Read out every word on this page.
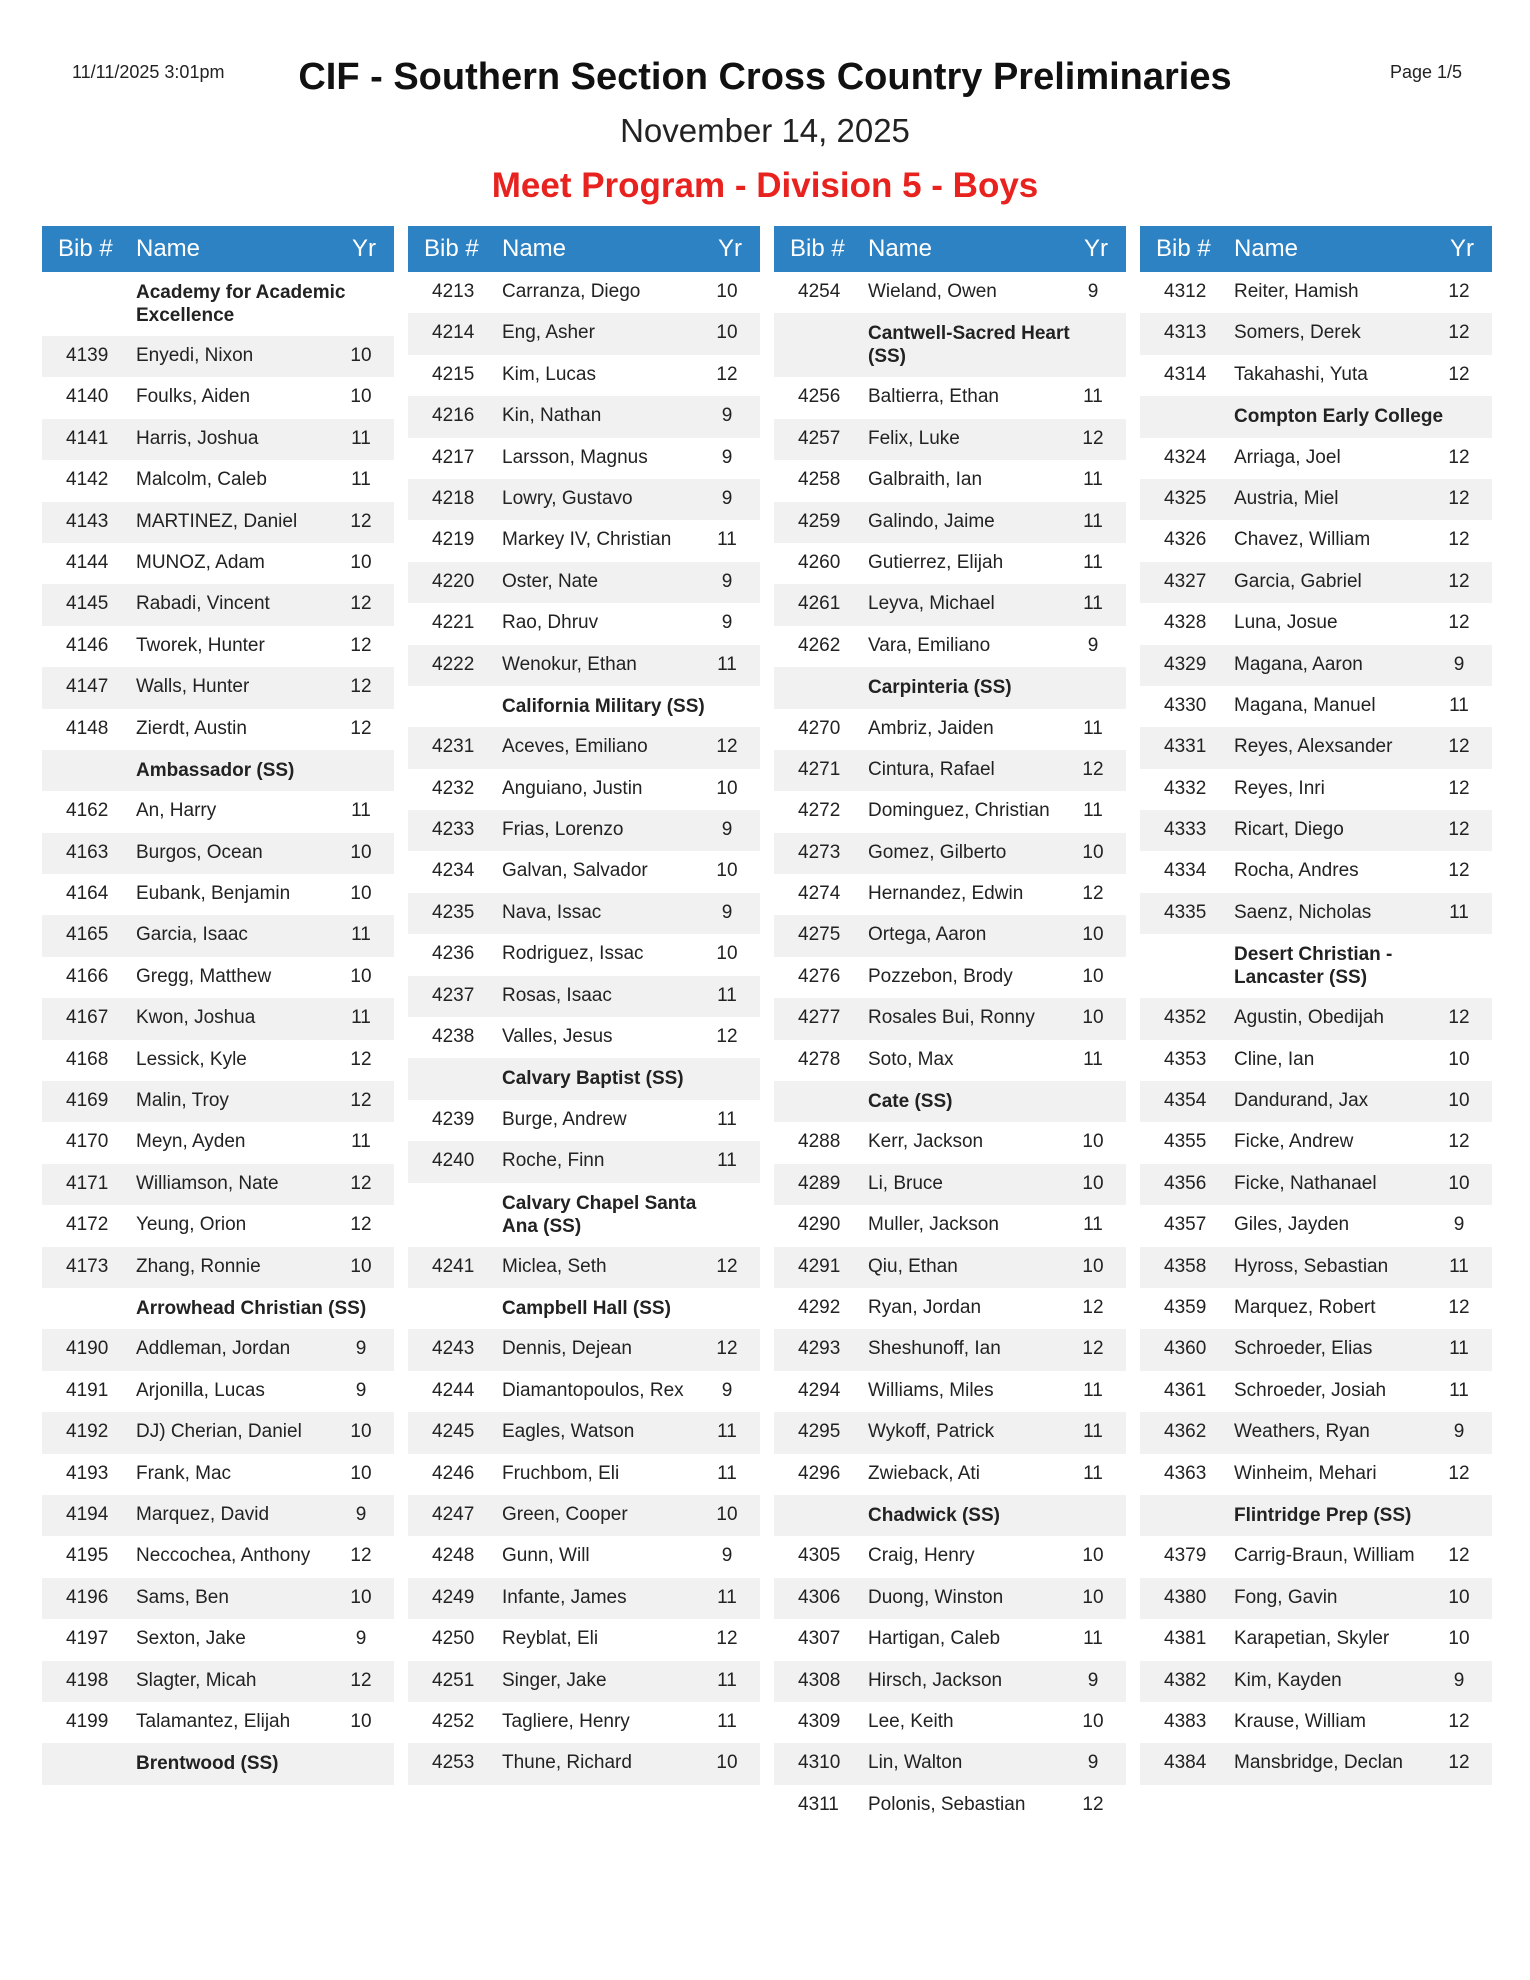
11/11/2025 3:01pm	CIF - Southern Section Cross Country Preliminaries	Page 1/5
November 14, 2025
Meet Program - Division 5 - Boys
Bib # Name	Yr
Academy for Academic Excellence
4139 Enyedi, Nixon	10
4140 Foulks, Aiden	10
4141 Harris, Joshua	11
4142 Malcolm, Caleb	11
4143 MARTINEZ, Daniel	12
4144 MUNOZ, Adam	10
4145 Rabadi, Vincent	12
4146 Tworek, Hunter	12
4147 Walls, Hunter	12
4148 Zierdt, Austin	12
Ambassador (SS)
4162 An, Harry	11
4163 Burgos, Ocean	10
4164 Eubank, Benjamin	10
4165 Garcia, Isaac	11
4166 Gregg, Matthew	10
4167 Kwon, Joshua	11
4168 Lessick, Kyle	12
4169 Malin, Troy	12
4170 Meyn, Ayden	11
4171 Williamson, Nate	12
4172 Yeung, Orion	12
4173 Zhang, Ronnie	10
Arrowhead Christian (SS)
4190 Addleman, Jordan	9
4191 Arjonilla, Lucas	9
4192 DJ) Cherian, Daniel	10
4193 Frank, Mac	10
4194 Marquez, David	9
4195 Neccochea, Anthony 12
4196 Sams, Ben	10
4197 Sexton, Jake	9
4198 Slagter, Micah	12
4199 Talamantez, Elijah	10
Brentwood (SS)
Bib # Name	Yr
4213 Carranza, Diego	10
4214 Eng, Asher	10
4215 Kim, Lucas	12
4216 Kin, Nathan	9
4217 Larsson, Magnus	9
4218 Lowry, Gustavo	9
4219 Markey IV, Christian 11
4220 Oster, Nate	9
4221 Rao, Dhruv	9
4222 Wenokur, Ethan	11
California Military (SS)
4231 Aceves, Emiliano	12
4232 Anguiano, Justin	10
4233 Frias, Lorenzo	9
4234 Galvan, Salvador	10
4235 Nava, Issac	9
4236 Rodriguez, Issac	10
4237 Rosas, Isaac	11
4238 Valles, Jesus	12
Calvary Baptist (SS)
4239 Burge, Andrew	11
4240 Roche, Finn	11
Calvary Chapel Santa Ana (SS)
4241 Miclea, Seth	12
Campbell Hall (SS)
4243 Dennis, Dejean	12
4244 Diamantopoulos, Rex	9
4245 Eagles, Watson	11
4246 Fruchbom, Eli	11
4247 Green, Cooper	10
4248 Gunn, Will	9
4249 Infante, James	11
4250 Reyblat, Eli	12
4251 Singer, Jake	11
4252 Tagliere, Henry	11
4253 Thune, Richard	10
Bib # Name	Yr
4254 Wieland, Owen	9
Cantwell-Sacred Heart (SS)
4256 Baltierra, Ethan	11
4257 Felix, Luke	12
4258 Galbraith, Ian	11
4259 Galindo, Jaime	11
4260 Gutierrez, Elijah	11
4261 Leyva, Michael	11
4262 Vara, Emiliano	9
Carpinteria (SS)
4270 Ambriz, Jaiden	11
4271 Cintura, Rafael	12
4272 Dominguez, Christian 11
4273 Gomez, Gilberto	10
4274 Hernandez, Edwin	12
4275 Ortega, Aaron	10
4276 Pozzebon, Brody	10
4277 Rosales Bui, Ronny	10
4278 Soto, Max	11
Cate (SS)
4288 Kerr, Jackson	10
4289 Li, Bruce	10
4290 Muller, Jackson	11
4291 Qiu, Ethan	10
4292 Ryan, Jordan	12
4293 Sheshunoff, Ian	12
4294 Williams, Miles	11
4295 Wykoff, Patrick	11
4296 Zwieback, Ati	11
Chadwick (SS)
4305 Craig, Henry	10
4306 Duong, Winston	10
4307 Hartigan, Caleb	11
4308 Hirsch, Jackson	9
4309 Lee, Keith	10
4310 Lin, Walton	9
4311 Polonis, Sebastian	12
Bib # Name	Yr
4312 Reiter, Hamish	12
4313 Somers, Derek	12
4314 Takahashi, Yuta	12
Compton Early College
4324 Arriaga, Joel	12
4325 Austria, Miel	12
4326 Chavez, William	12
4327 Garcia, Gabriel	12
4328 Luna, Josue	12
4329 Magana, Aaron	9
4330 Magana, Manuel	11
4331 Reyes, Alexsander	12
4332 Reyes, Inri	12
4333 Ricart, Diego	12
4334 Rocha, Andres	12
4335 Saenz, Nicholas	11
Desert Christian - Lancaster (SS)
4352 Agustin, Obedijah	12
4353 Cline, Ian	10
4354 Dandurand, Jax	10
4355 Ficke, Andrew	12
4356 Ficke, Nathanael	10
4357 Giles, Jayden	9
4358 Hyross, Sebastian	11
4359 Marquez, Robert	12
4360 Schroeder, Elias	11
4361 Schroeder, Josiah	11
4362 Weathers, Ryan	9
4363 Winheim, Mehari	12
Flintridge Prep (SS)
4379 Carrig-Braun, William 12
4380 Fong, Gavin	10
4381 Karapetian, Skyler	10
4382 Kim, Kayden	9
4383 Krause, William	12
4384 Mansbridge, Declan 12
